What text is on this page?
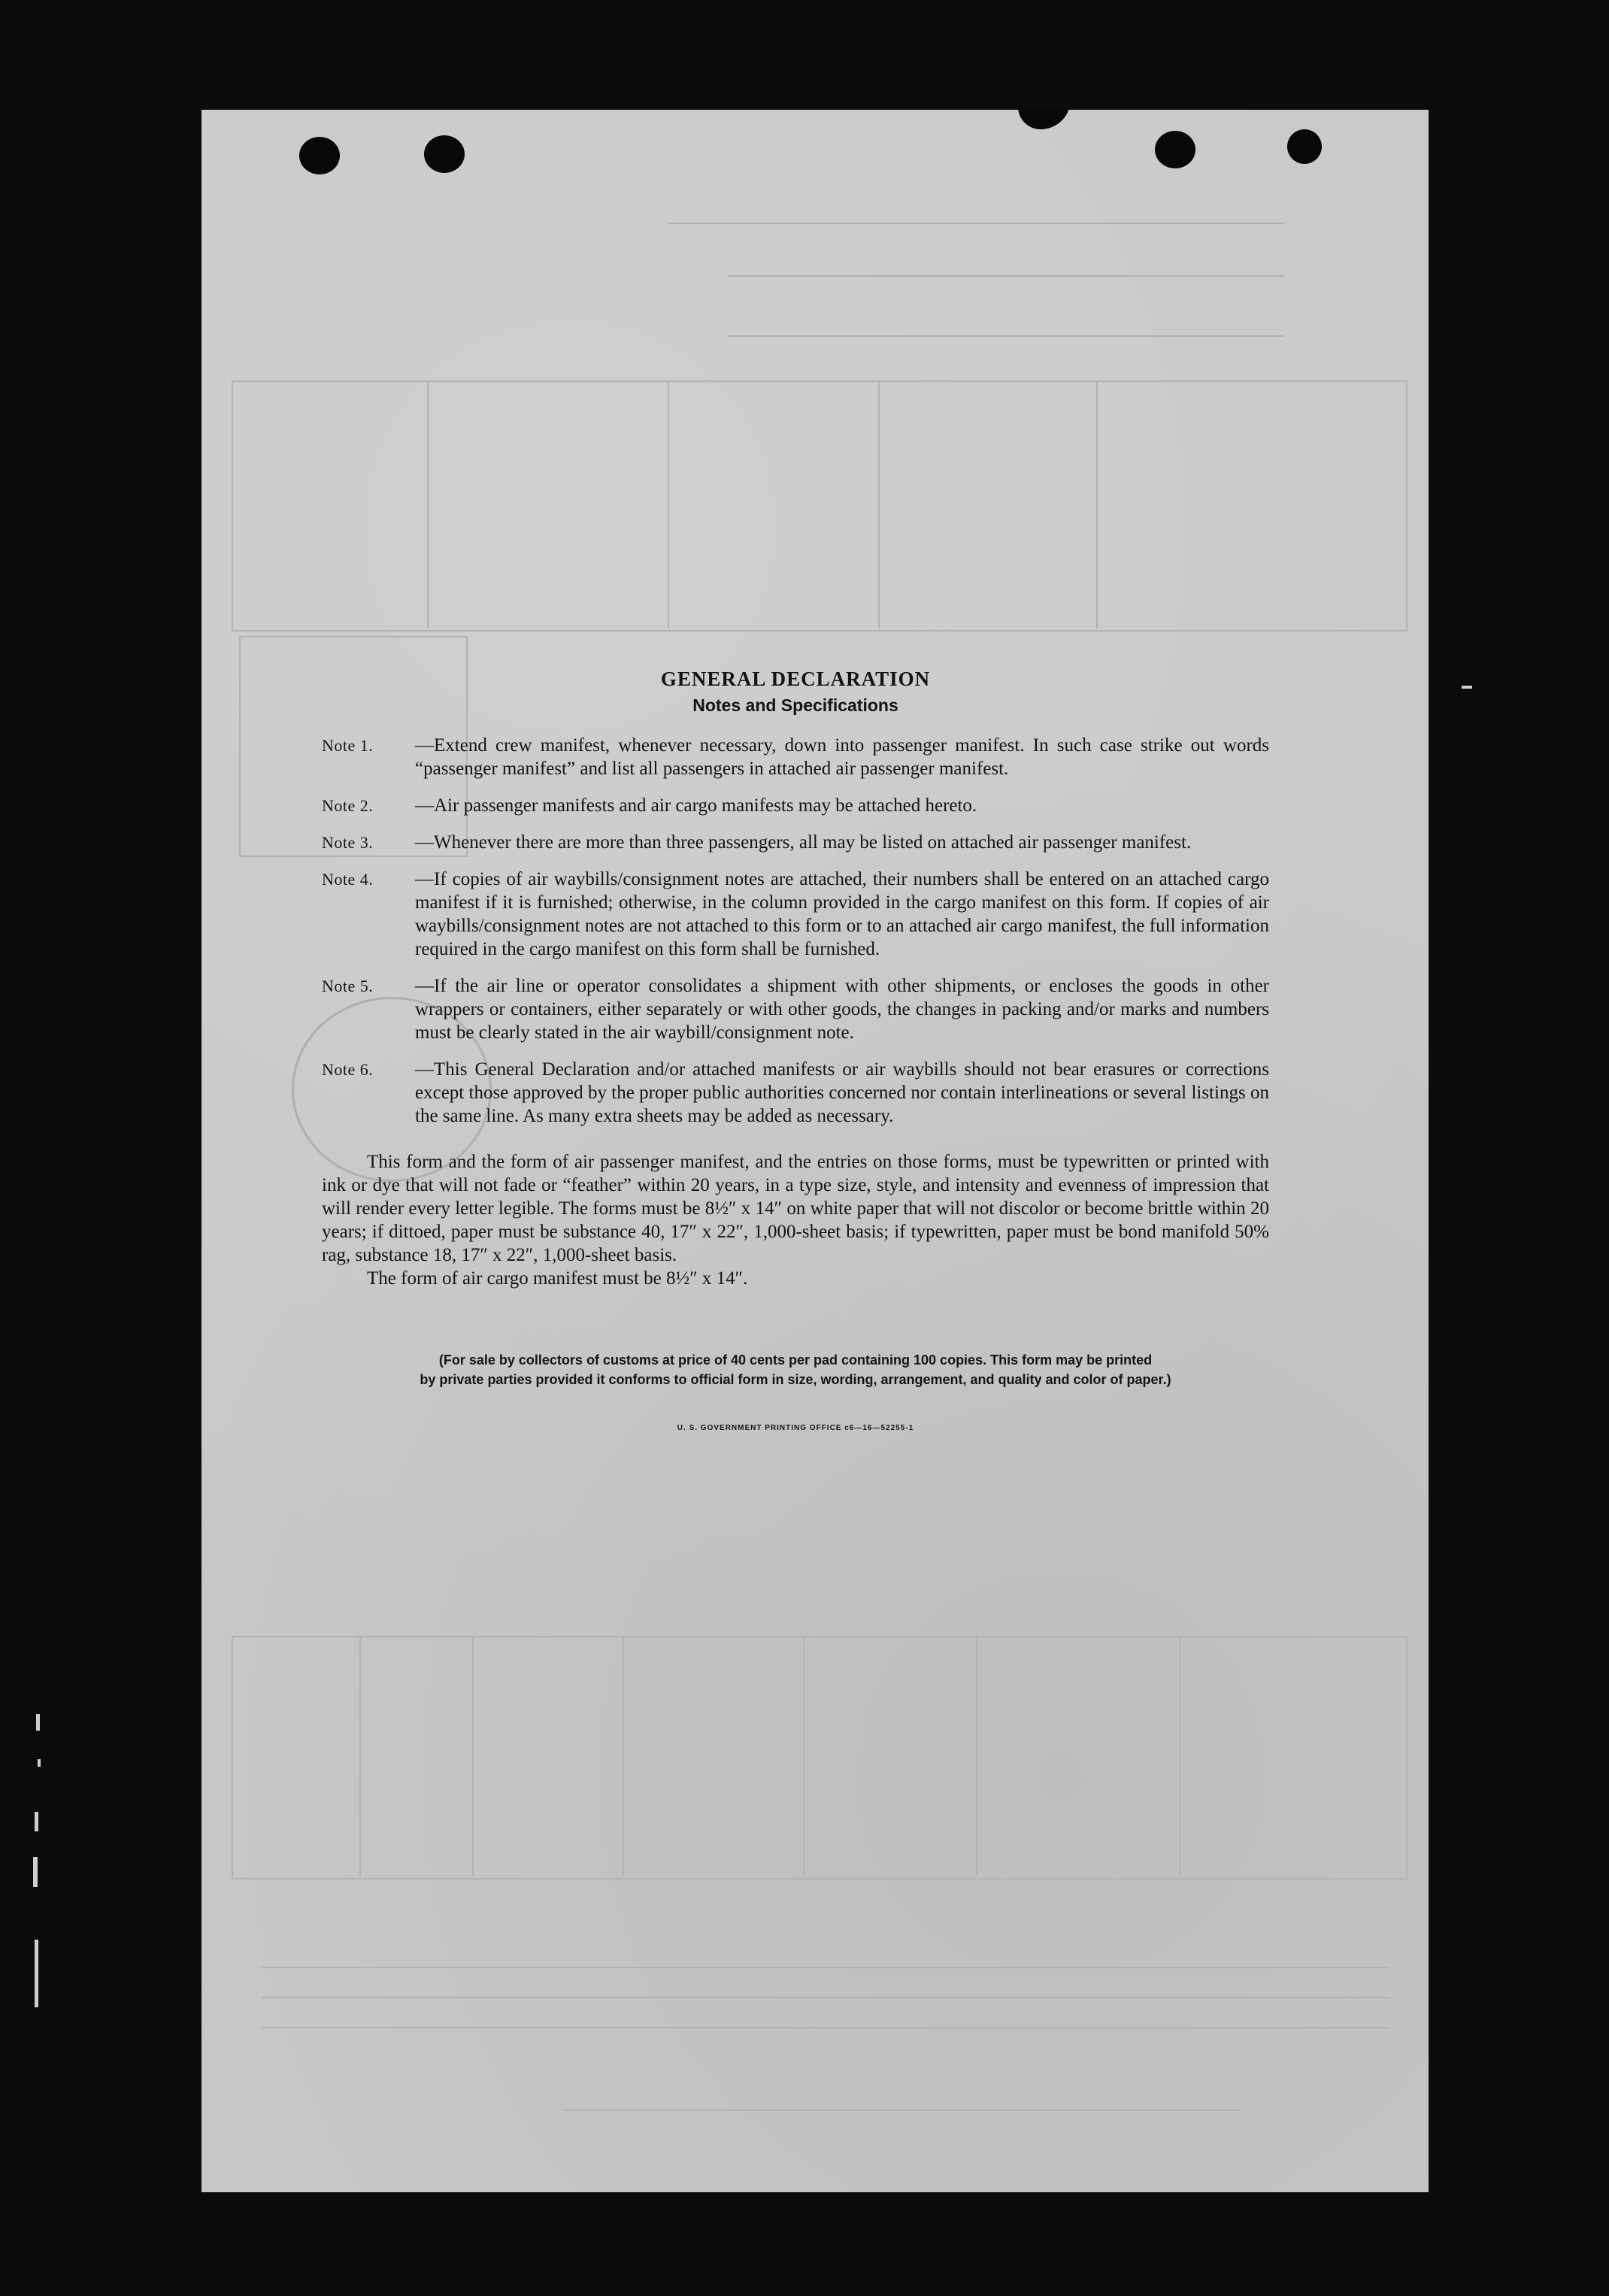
GENERAL DECLARATION
Notes and Specifications
Note 1.	—Extend crew manifest, whenever necessary, down into passenger manifest. In such case strike out words “passenger manifest” and list all passengers in attached air passenger manifest.
Note 2.	—Air passenger manifests and air cargo manifests may be attached hereto.
Note 3.	—Whenever there are more than three passengers, all may be listed on attached air passenger manifest.
Note 4.	—If copies of air waybills/consignment notes are attached, their numbers shall be entered on an attached cargo manifest if it is furnished; otherwise, in the column provided in the cargo manifest on this form. If copies of air waybills/consignment notes are not attached to this form or to an attached air cargo manifest, the full information required in the cargo manifest on this form shall be furnished.
Note 5.	—If the air line or operator consolidates a shipment with other shipments, or encloses the goods in other wrappers or containers, either separately or with other goods, the changes in packing and/or marks and numbers must be clearly stated in the air waybill/consignment note.
Note 6.	—This General Declaration and/or attached manifests or air waybills should not bear erasures or corrections except those approved by the proper public authorities concerned nor contain interlineations or several listings on the same line. As many extra sheets may be added as necessary.
This form and the form of air passenger manifest, and the entries on those forms, must be typewritten or printed with ink or dye that will not fade or “feather” within 20 years, in a type size, style, and intensity and evenness of impression that will render every letter legible. The forms must be 8½″ x 14″ on white paper that will not discolor or become brittle within 20 years; if dittoed, paper must be substance 40, 17″ x 22″, 1,000-sheet basis; if typewritten, paper must be bond manifold 50% rag, substance 18, 17″ x 22″, 1,000-sheet basis.
The form of air cargo manifest must be 8½″ x 14″.
(For sale by collectors of customs at price of 40 cents per pad containing 100 copies. This form may be printed
by private parties provided it conforms to official form in size, wording, arrangement, and quality and color of paper.)
U. S. GOVERNMENT PRINTING OFFICE c6—16—52255-1
